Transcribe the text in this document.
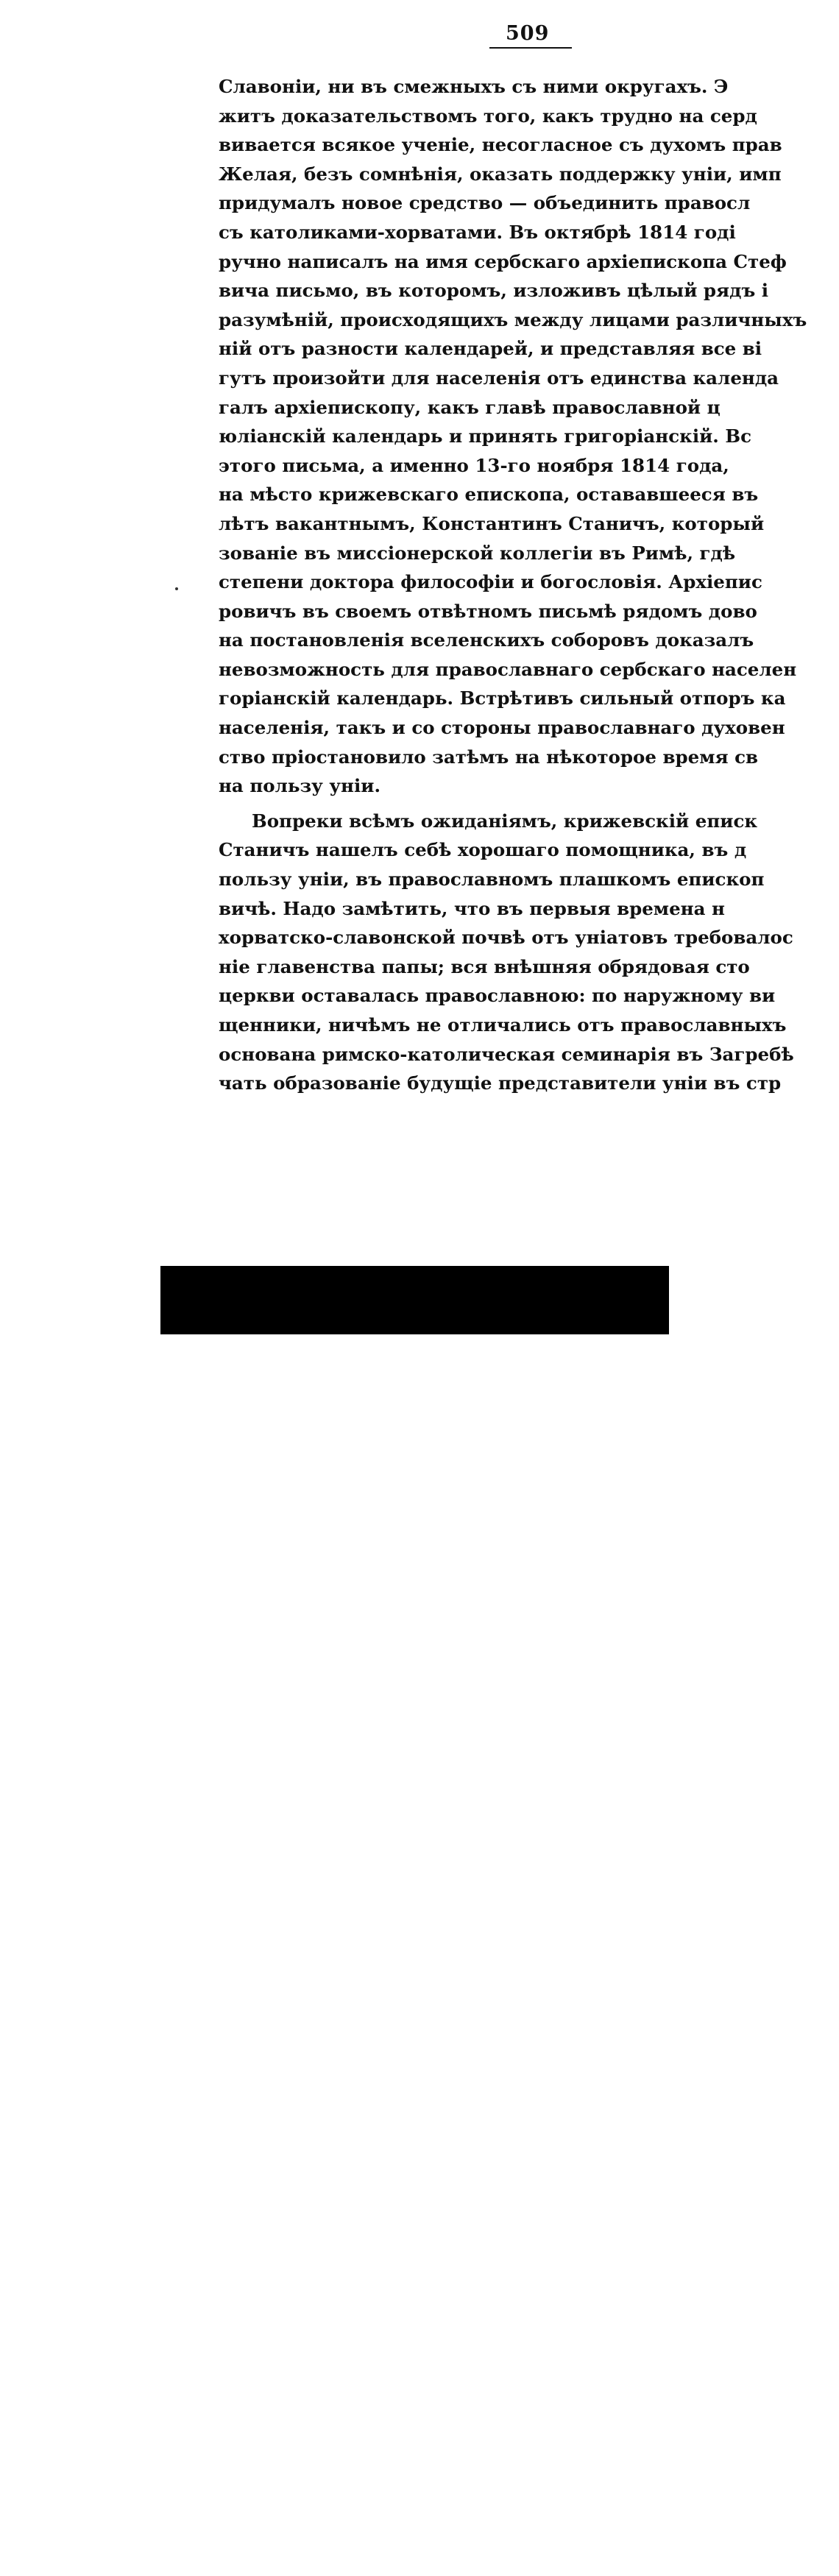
509
Славоніи, ни въ смежныхъ съ ними округахъ. Э
житъ доказательствомъ того, какъ трудно на серд
вивается всякое ученіе, несогласное съ духомъ прав
Желая, безъ сомнѣнія, оказать поддержку уніи, имп
придумалъ новое средство — объединить правосл
съ католиками-хорватами. Въ октябрѣ 1814 годі
ручно написалъ на имя сербскаго архіепископа Стеф
вича письмо, въ которомъ, изложивъ цѣлый рядъ і
разумѣній, происходящихъ между лицами различныхъ
ній отъ разности календарей, и представляя все ві
гутъ произойти для населенія отъ единства календа
галъ архіепископу, какъ главѣ православной ц
юліанскій календарь и принять григоріанскій. Вс
этого письма, а именно 13-го ноября 1814 года,
на мѣсто крижевскаго епископа, остававшееся въ
лѣтъ вакантнымъ, Константинъ Станичъ, который
зованіе въ миссіонерской коллегіи въ Римѣ, гдѣ
степени доктора философіи и богословія. Архіепис
ровичъ въ своемъ отвѣтномъ письмѣ рядомъ дово
на постановленія вселенскихъ соборовъ доказалъ
невозможность для православнаго сербскаго населен
горіанскій календарь. Встрѣтивъ сильный отпоръ ка
населенія, такъ и со стороны православнаго духовен
ство пріостановило затѣмъ на нѣкоторое время св
на пользу уніи.
Вопреки всѣмъ ожиданіямъ, крижевскій еписк
Станичъ нашелъ себѣ хорошаго помощника, въ д
пользу уніи, въ православномъ плашкомъ епископ
вичѣ. Надо замѣтить, что въ первыя времена н
хорватско-славонской почвѣ отъ уніатовъ требовалос
ніе главенства папы; вся внѣшняя обрядовая сто
церкви оставалась православною: по наружному ви
щенники, ничѣмъ не отличались отъ православныхъ
основана римско-католическая семинарія въ Загребѣ
чать образованіе будущіе представители уніи въ стр
